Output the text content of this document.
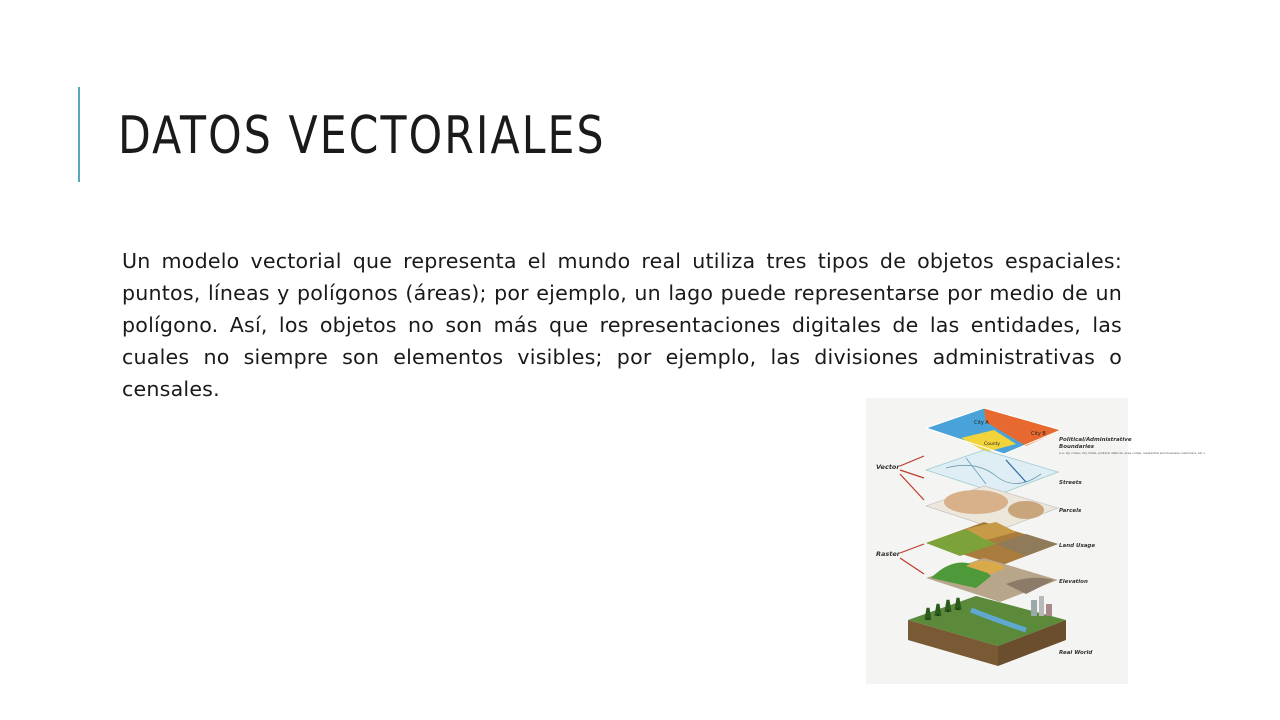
DATOS VECTORIALES
Un modelo vectorial que representa el mundo real utiliza tres tipos de objetos espaciales: puntos, líneas y polígonos (áreas); por ejemplo, un lago puede representarse por medio de un polígono. Así, los objetos no son más que representaciones digitales de las entidades, las cuales no siempre son elementos visibles; por ejemplo, las divisiones administrativas o censales.
City A
City B
County
Vector
Raster
Political/Administrative
Boundaries
(i.e. zip codes, city limits, political districts, area codes, residential and business customers, etc.)
Streets
Parcels
Land Usage
Elevation
Real World
